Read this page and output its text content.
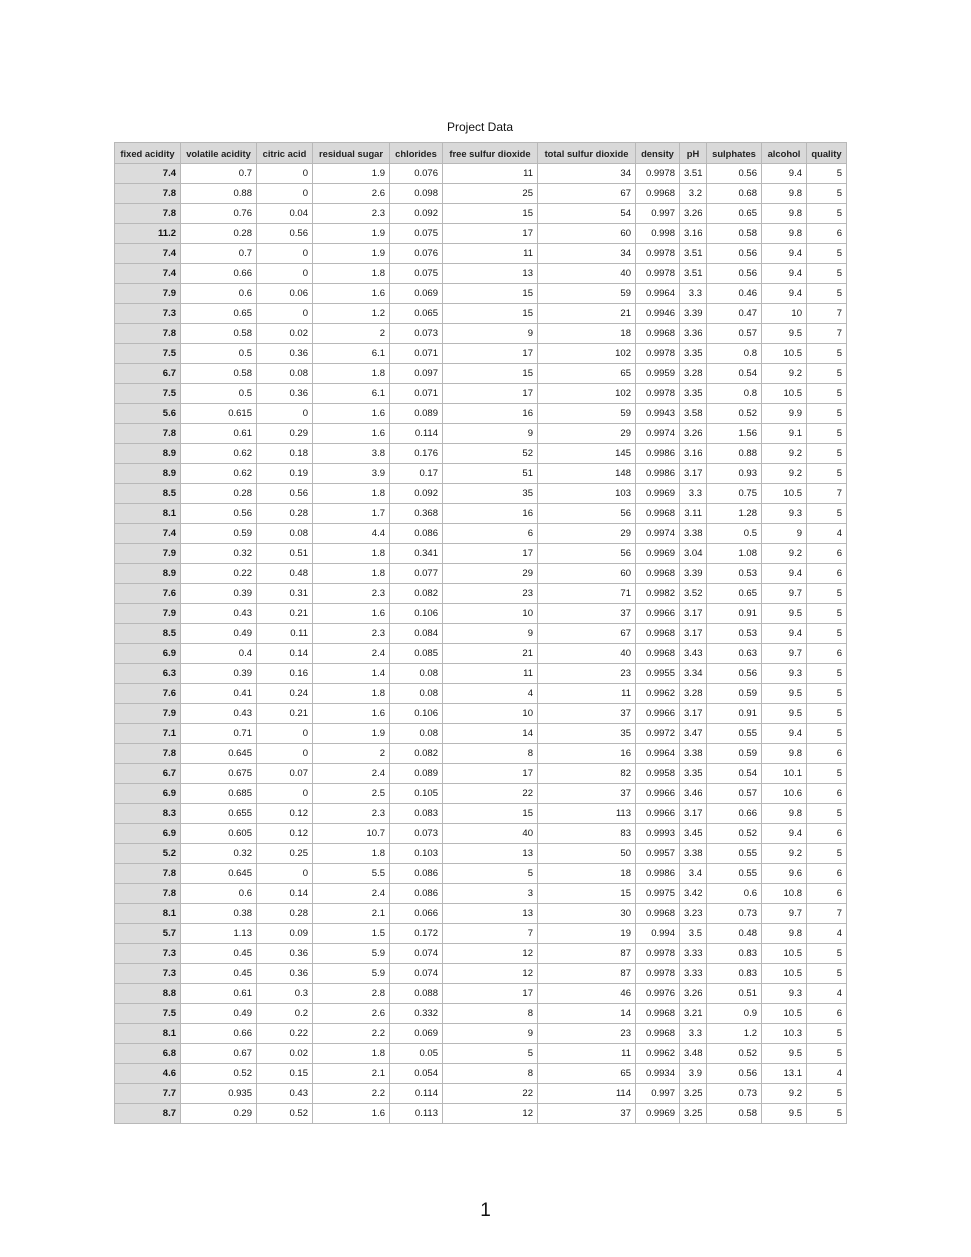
Project Data
fixed acidity	volatile acidity	citric acid	residual sugar	chlorides	free sulfur dioxide	total sulfur dioxide	density	pH	sulphates	alcohol	quality
7.4	0.7	0	1.9	0.076	11	34	0.9978	3.51	0.56	9.4	5
7.8	0.88	0	2.6	0.098	25	67	0.9968	3.2	0.68	9.8	5
7.8	0.76	0.04	2.3	0.092	15	54	0.997	3.26	0.65	9.8	5
11.2	0.28	0.56	1.9	0.075	17	60	0.998	3.16	0.58	9.8	6
7.4	0.7	0	1.9	0.076	11	34	0.9978	3.51	0.56	9.4	5
7.4	0.66	0	1.8	0.075	13	40	0.9978	3.51	0.56	9.4	5
7.9	0.6	0.06	1.6	0.069	15	59	0.9964	3.3	0.46	9.4	5
7.3	0.65	0	1.2	0.065	15	21	0.9946	3.39	0.47	10	7
7.8	0.58	0.02	2	0.073	9	18	0.9968	3.36	0.57	9.5	7
7.5	0.5	0.36	6.1	0.071	17	102	0.9978	3.35	0.8	10.5	5
6.7	0.58	0.08	1.8	0.097	15	65	0.9959	3.28	0.54	9.2	5
7.5	0.5	0.36	6.1	0.071	17	102	0.9978	3.35	0.8	10.5	5
5.6	0.615	0	1.6	0.089	16	59	0.9943	3.58	0.52	9.9	5
7.8	0.61	0.29	1.6	0.114	9	29	0.9974	3.26	1.56	9.1	5
8.9	0.62	0.18	3.8	0.176	52	145	0.9986	3.16	0.88	9.2	5
8.9	0.62	0.19	3.9	0.17	51	148	0.9986	3.17	0.93	9.2	5
8.5	0.28	0.56	1.8	0.092	35	103	0.9969	3.3	0.75	10.5	7
8.1	0.56	0.28	1.7	0.368	16	56	0.9968	3.11	1.28	9.3	5
7.4	0.59	0.08	4.4	0.086	6	29	0.9974	3.38	0.5	9	4
7.9	0.32	0.51	1.8	0.341	17	56	0.9969	3.04	1.08	9.2	6
8.9	0.22	0.48	1.8	0.077	29	60	0.9968	3.39	0.53	9.4	6
7.6	0.39	0.31	2.3	0.082	23	71	0.9982	3.52	0.65	9.7	5
7.9	0.43	0.21	1.6	0.106	10	37	0.9966	3.17	0.91	9.5	5
8.5	0.49	0.11	2.3	0.084	9	67	0.9968	3.17	0.53	9.4	5
6.9	0.4	0.14	2.4	0.085	21	40	0.9968	3.43	0.63	9.7	6
6.3	0.39	0.16	1.4	0.08	11	23	0.9955	3.34	0.56	9.3	5
7.6	0.41	0.24	1.8	0.08	4	11	0.9962	3.28	0.59	9.5	5
7.9	0.43	0.21	1.6	0.106	10	37	0.9966	3.17	0.91	9.5	5
7.1	0.71	0	1.9	0.08	14	35	0.9972	3.47	0.55	9.4	5
7.8	0.645	0	2	0.082	8	16	0.9964	3.38	0.59	9.8	6
6.7	0.675	0.07	2.4	0.089	17	82	0.9958	3.35	0.54	10.1	5
6.9	0.685	0	2.5	0.105	22	37	0.9966	3.46	0.57	10.6	6
8.3	0.655	0.12	2.3	0.083	15	113	0.9966	3.17	0.66	9.8	5
6.9	0.605	0.12	10.7	0.073	40	83	0.9993	3.45	0.52	9.4	6
5.2	0.32	0.25	1.8	0.103	13	50	0.9957	3.38	0.55	9.2	5
7.8	0.645	0	5.5	0.086	5	18	0.9986	3.4	0.55	9.6	6
7.8	0.6	0.14	2.4	0.086	3	15	0.9975	3.42	0.6	10.8	6
8.1	0.38	0.28	2.1	0.066	13	30	0.9968	3.23	0.73	9.7	7
5.7	1.13	0.09	1.5	0.172	7	19	0.994	3.5	0.48	9.8	4
7.3	0.45	0.36	5.9	0.074	12	87	0.9978	3.33	0.83	10.5	5
7.3	0.45	0.36	5.9	0.074	12	87	0.9978	3.33	0.83	10.5	5
8.8	0.61	0.3	2.8	0.088	17	46	0.9976	3.26	0.51	9.3	4
7.5	0.49	0.2	2.6	0.332	8	14	0.9968	3.21	0.9	10.5	6
8.1	0.66	0.22	2.2	0.069	9	23	0.9968	3.3	1.2	10.3	5
6.8	0.67	0.02	1.8	0.05	5	11	0.9962	3.48	0.52	9.5	5
4.6	0.52	0.15	2.1	0.054	8	65	0.9934	3.9	0.56	13.1	4
7.7	0.935	0.43	2.2	0.114	22	114	0.997	3.25	0.73	9.2	5
8.7	0.29	0.52	1.6	0.113	12	37	0.9969	3.25	0.58	9.5	5
1
